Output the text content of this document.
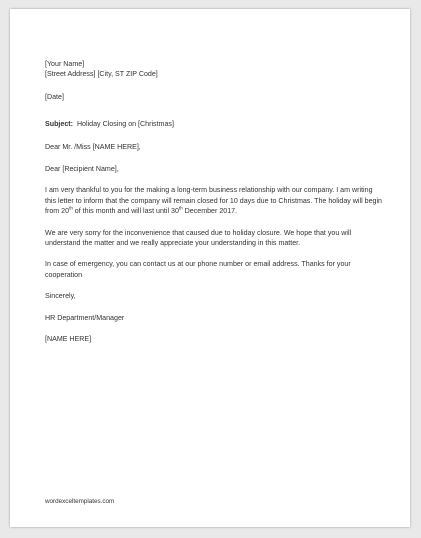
[Your Name]

[Street Address] [City, ST ZIP Code]

[Date]

Subject: Holiday Closing on [Christmas]

Dear Mr. /Miss [NAME HERE],

Dear [Recipient Name],

I am very thankful to you for the making a long-term business relationship with our company. I am writing this letter to inform that the company will remain closed for 10 days due to Christmas. The holiday will begin from 20th of this month and will last until 30th December 2017.

We are very sorry for the inconvenience that caused due to holiday closure. We hope that you will understand the matter and we really appreciate your understanding in this matter.

In case of emergency, you can contact us at our phone number or email address. Thanks for your cooperation

Sincerely,

HR Department/Manager

[NAME HERE]

wordexceltemplates.com
